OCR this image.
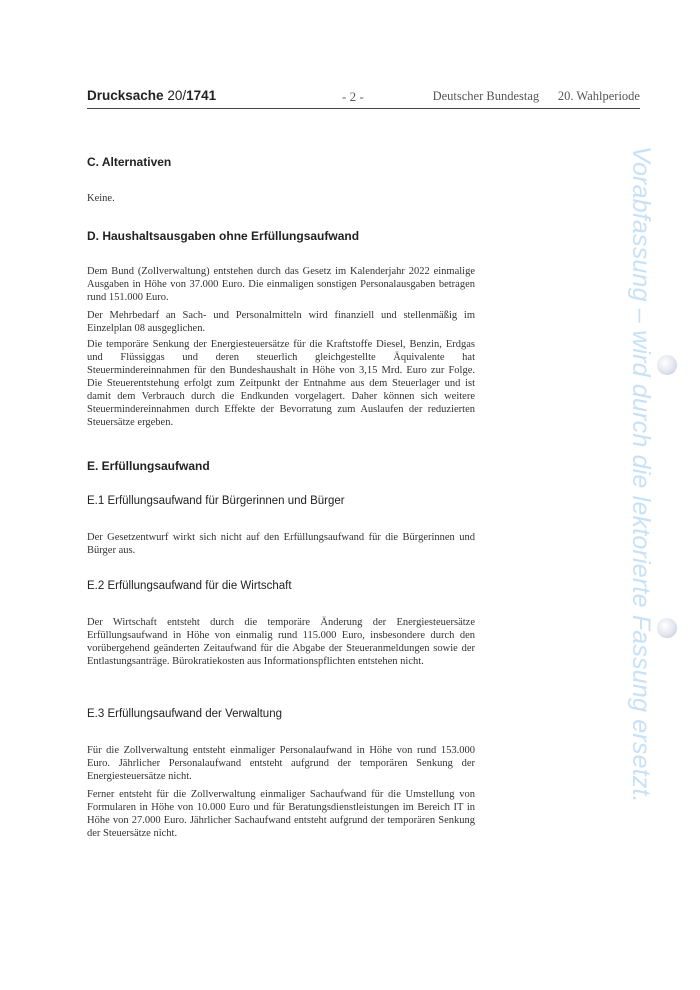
Drucksache 20/1741	- 2 -	Deutscher Bundestag   20. Wahlperiode
C. Alternativen

Keine.

D. Haushaltsausgaben ohne Erfüllungsaufwand

Dem Bund (Zollverwaltung) entstehen durch das Gesetz im Kalenderjahr 2022 einmalige Ausgaben in Höhe von 37.000 Euro. Die einmaligen sonstigen Personalausgaben betragen rund 151.000 Euro.

Der Mehrbedarf an Sach- und Personalmitteln wird finanziell und stellenmäßig im Einzelplan 08 ausgeglichen.

Die temporäre Senkung der Energiesteuersätze für die Kraftstoffe Diesel, Benzin, Erdgas und Flüssiggas und deren steuerlich gleichgestellte Äquivalente hat Steuermindereinnahmen für den Bundeshaushalt in Höhe von 3,15 Mrd. Euro zur Folge. Die Steuerentstehung erfolgt zum Zeitpunkt der Entnahme aus dem Steuerlager und ist damit dem Verbrauch durch die Endkunden vorgelagert. Daher können sich weitere Steuermindereinnahmen durch Effekte der Bevorratung zum Auslaufen der reduzierten Steuersätze ergeben.

E. Erfüllungsaufwand
E.1 Erfüllungsaufwand für Bürgerinnen und Bürger

Der Gesetzentwurf wirkt sich nicht auf den Erfüllungsaufwand für die Bürgerinnen und Bürger aus.

E.2 Erfüllungsaufwand für die Wirtschaft

Der Wirtschaft entsteht durch die temporäre Änderung der Energiesteuersätze Erfüllungsaufwand in Höhe von einmalig rund 115.000 Euro, insbesondere durch den vorübergehend geänderten Zeitaufwand für die Abgabe der Steueranmeldungen sowie der Entlastungsanträge. Bürokratiekosten aus Informationspflichten entstehen nicht.

E.3 Erfüllungsaufwand der Verwaltung

Für die Zollverwaltung entsteht einmaliger Personalaufwand in Höhe von rund 153.000 Euro. Jährlicher Personalaufwand entsteht aufgrund der temporären Senkung der Energiesteuersätze nicht.

Ferner entsteht für die Zollverwaltung einmaliger Sachaufwand für die Umstellung von Formularen in Höhe von 10.000 Euro und für Beratungsdienstleistungen im Bereich IT in Höhe von 27.000 Euro. Jährlicher Sachaufwand entsteht aufgrund der temporären Senkung der Steuersätze nicht.

Vorabfassung – wird durch die lektorierte Fassung ersetzt.
